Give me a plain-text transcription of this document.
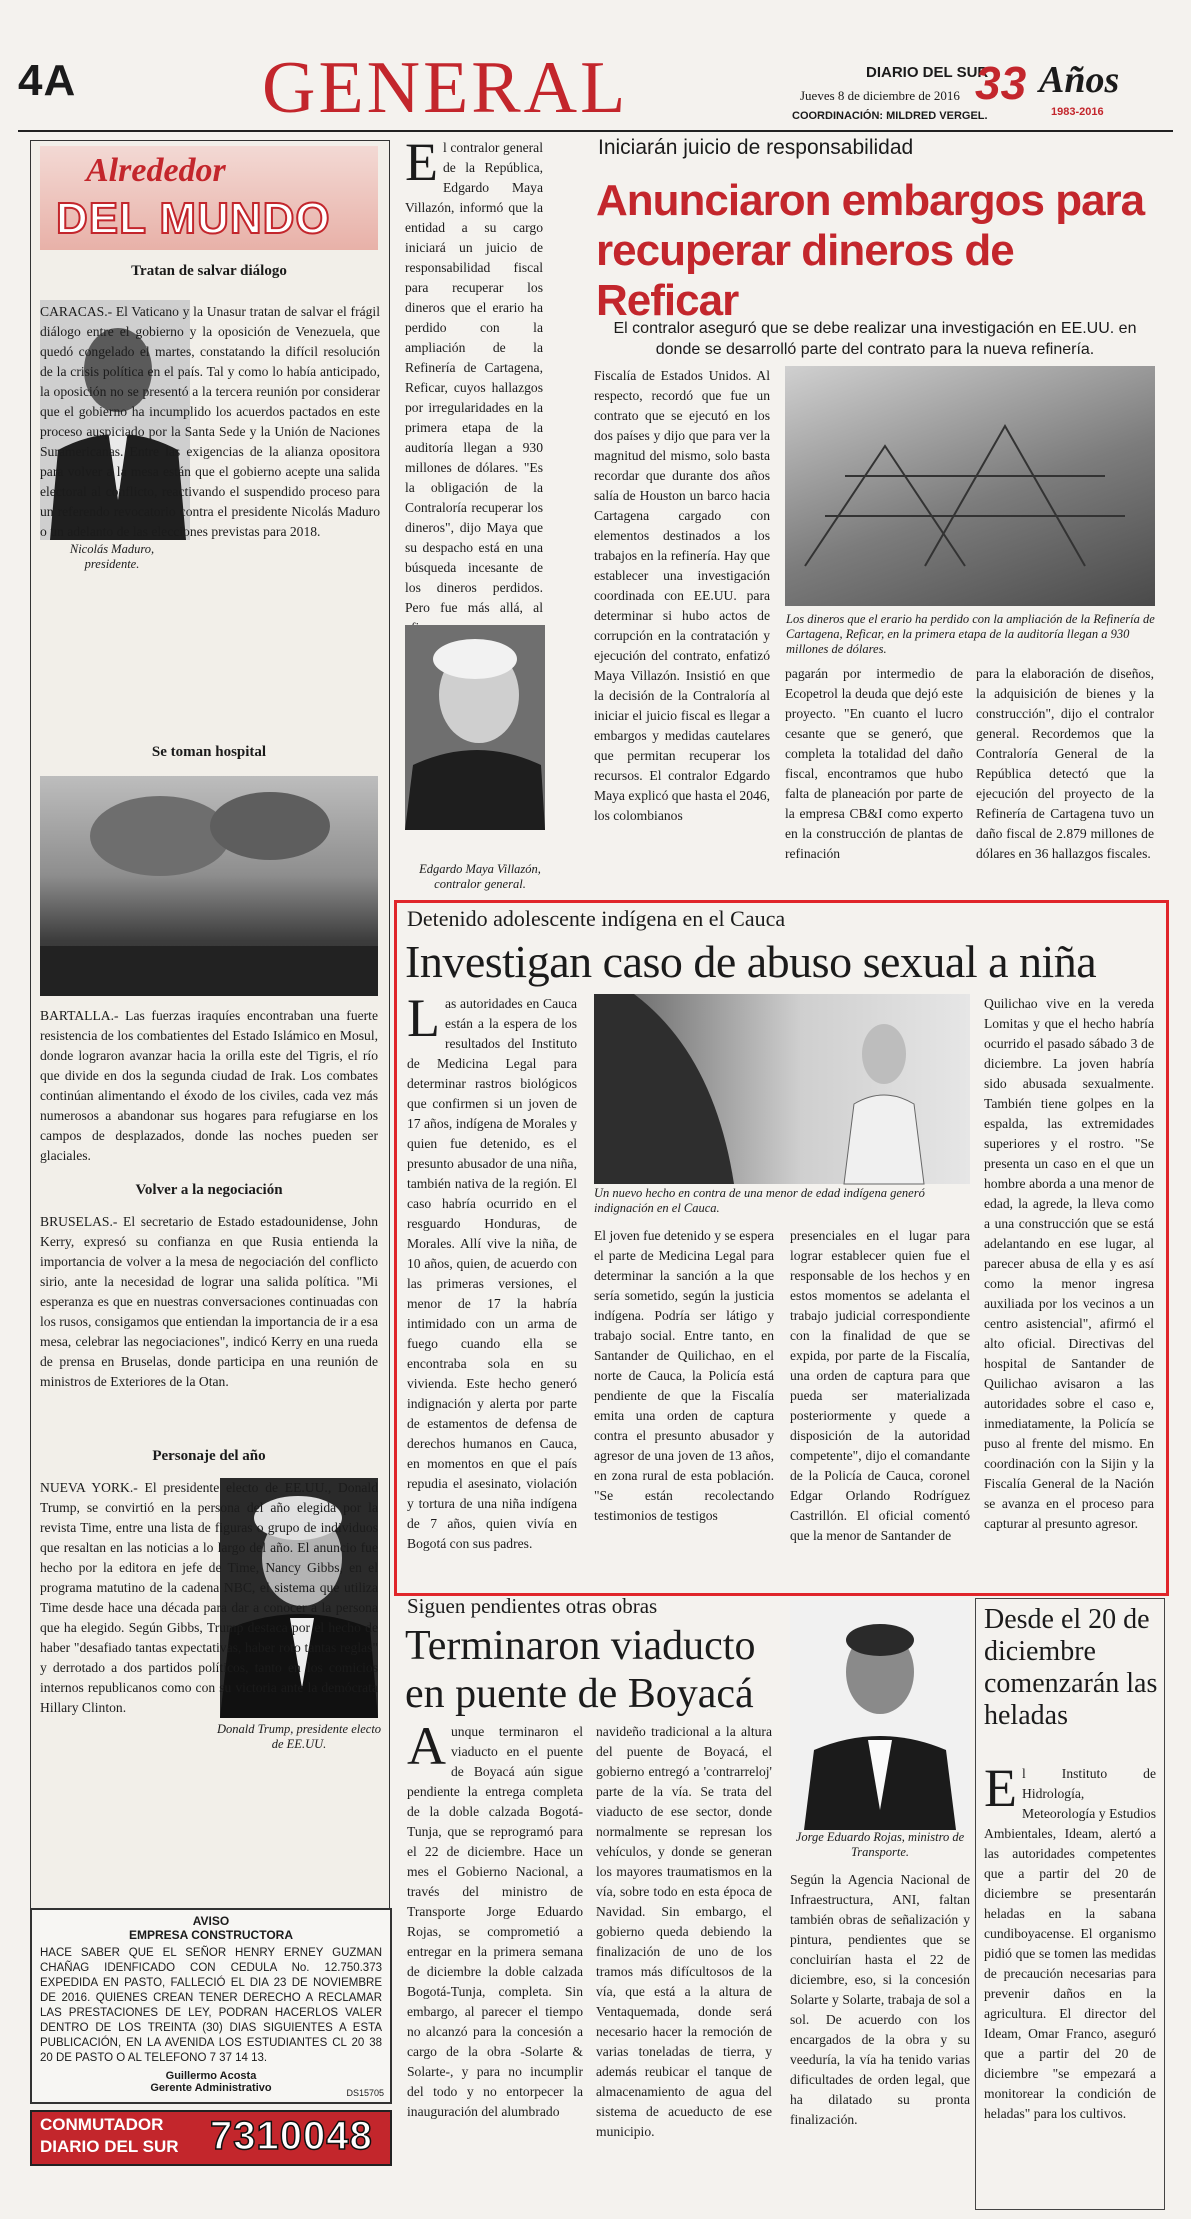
4A	GENERAL	DIARIO DEL SUR
Jueves 8 de diciembre de 2016
COORDINACIÓN: MILDRED VERGEL.
33 Años
1983-2016
Alrededor
DEL MUNDO
Tratan de salvar diálogo
Nicolás Maduro, presidente.
CARACAS.- El Vaticano y la Unasur tratan de salvar el frágil diálogo entre el gobierno y la oposición de Venezuela, que quedó congelado el martes, constatando la difícil resolución de la crisis política en el país. Tal y como lo había anticipado, la oposición no se presentó a la tercera reunión por considerar que el gobierno ha incumplido los acuerdos pactados en este proceso auspiciado por la Santa Sede y la Unión de Naciones Suramericanas. Entre las exigencias de la alianza opositora para volver a la mesa están que el gobierno acepte una salida electoral al conflicto, reactivando el suspendido proceso para un referendo revocatorio contra el presidente Nicolás Maduro o un adelanto de las elecciones previstas para 2018.
Se toman hospital
BARTALLA.- Las fuerzas iraquíes encontraban una fuerte resistencia de los combatientes del Estado Islámico en Mosul, donde lograron avanzar hacia la orilla este del Tigris, el río que divide en dos la segunda ciudad de Irak. Los combates continúan alimentando el éxodo de los civiles, cada vez más numerosos a abandonar sus hogares para refugiarse en los campos de desplazados, donde las noches pueden ser glaciales.
Volver a la negociación
BRUSELAS.- El secretario de Estado estadounidense, John Kerry, expresó su confianza en que Rusia entienda la importancia de volver a la mesa de negociación del conflicto sirio, ante la necesidad de lograr una salida política. "Mi esperanza es que en nuestras conversaciones continuadas con los rusos, consigamos que entiendan la importancia de ir a esa mesa, celebrar las negociaciones", indicó Kerry en una rueda de prensa en Bruselas, donde participa en una reunión de ministros de Exteriores de la Otan.
Personaje del año
Donald Trump, presidente electo de EE.UU.
NUEVA YORK.- El presidente electo de EE.UU., Donald Trump, se convirtió en la persona del año elegida por la revista Time, entre una lista de figuras o grupo de individuos que resaltan en las noticias a lo largo del año. El anuncio fue hecho por la editora en jefe de Time, Nancy Gibbs, en el programa matutino de la cadena NBC, el sistema que utiliza Time desde hace una década para dar a conocer a la persona que ha elegido. Según Gibbs, Trump destaca por el hecho de haber "desafiado tantas expectativas, haber roto tantas reglas" y derrotado a dos partidos políticos, tanto en los comicios internos republicanos como con su victoria ante la demócrata Hillary Clinton.
AVISO
EMPRESA CONSTRUCTORA
HACE SABER QUE EL SEÑOR HENRY ERNEY GUZMAN CHAÑAG IDENFICADO CON CEDULA No. 12.750.373 EXPEDIDA EN PASTO, FALLECIÓ EL DIA 23 DE NOVIEMBRE DE 2016. QUIENES CREAN TENER DERECHO A RECLAMAR LAS PRESTACIONES DE LEY, PODRAN HACERLOS VALER DENTRO DE LOS TREINTA (30) DIAS SIGUIENTES A ESTA PUBLICACIÓN, EN LA AVENIDA LOS ESTUDIANTES CL 20 38 20 DE PASTO O AL TELEFONO 7 37 14 13.
Guillermo Acosta
Gerente Administrativo	DS15705
CONMUTADOR
DIARIO DEL SUR 7310048
Iniciarán juicio de responsabilidad
Anunciaron embargos para recuperar dineros de Reficar
El contralor aseguró que se debe realizar una investigación en EE.UU. en donde se desarrolló parte del contrato para la nueva refinería.
El contralor general de la República, Edgardo Maya Villazón, informó que la entidad a su cargo iniciará un juicio de responsabilidad fiscal para recuperar los dineros que el erario ha perdido con la ampliación de la Refinería de Cartagena, Reficar, cuyos hallazgos por irregularidades en la primera etapa de la auditoría llegan a 930 millones de dólares. "Es la obligación de la Contraloría recuperar los dineros", dijo Maya que su despacho está en una búsqueda incesante de los dineros perdidos. Pero fue más allá, al
Edgardo Maya Villazón, contralor general.
Fiscalía de Estados Unidos. Al respecto, recordó que fue un contrato que se ejecutó en los dos países y dijo que para ver la magnitud del mismo, solo basta recordar que durante dos años salía de Houston un barco hacia Cartagena cargado con elementos destinados a los trabajos en la refinería. Hay que establecer una investigación coordinada con EE.UU. para determinar si hubo actos de corrupción en la contratación y ejecución del contrato, enfatizó Maya Villazón. Insistió en que la decisión de la Contraloría al iniciar el juicio fiscal es llegar a embargos y medidas cautelares que permitan recuperar los recursos. El contralor Edgardo Maya explicó que hasta el 2046, los colombianos
Los dineros que el erario ha perdido con la ampliación de la Refinería de Cartagena, Reficar, en la primera etapa de la auditoría llegan a 930 millones de dólares.
pagarán por intermedio de Ecopetrol la deuda que dejó este proyecto. "En cuanto el lucro cesante que se generó, que completa la totalidad del daño fiscal, encontramos que hubo falta de planeación por parte de la empresa CB&I como experto en la construcción de plantas de refinación
para la elaboración de diseños, la adquisición de bienes y la construcción", dijo el contralor general. Recordemos que la Contraloría General de la República detectó que la ejecución del proyecto de la Refinería de Cartagena tuvo un daño fiscal de 2.879 millones de dólares en 36 hallazgos fiscales.
Detenido adolescente indígena en el Cauca
Investigan caso de abuso sexual a niña
Las autoridades en Cauca están a la espera de los resultados del Instituto de Medicina Legal para determinar rastros biológicos que confirmen si un joven de 17 años, indígena de Morales y quien fue detenido, es el presunto abusador de una niña, también nativa de la región. El caso habría ocurrido en el resguardo Honduras, de Morales. Allí vive la niña, de 10 años, quien, de acuerdo con las primeras versiones, el menor de 17 la habría intimidado con un arma de fuego cuando ella se encontraba sola en su vivienda. Este hecho generó indignación y alerta por parte de estamentos de defensa de derechos humanos en Cauca, en momentos en que el país repudia el asesinato, violación y tortura de una niña indígena de 7 años, quien vivía en Bogotá con sus padres.
Un nuevo hecho en contra de una menor de edad indígena generó indignación en el Cauca.
El joven fue detenido y se espera el parte de Medicina Legal para determinar la sanción a la que sería sometido, según la justicia indígena. Podría ser látigo y trabajo social. Entre tanto, en Santander de Quilichao, en el norte de Cauca, la Policía está pendiente de que la Fiscalía emita una orden de captura contra el presunto abusador y agresor de una joven de 13 años, en zona rural de esta población. "Se están recolectando testimonios de testigos
presenciales en el lugar para lograr establecer quien fue el responsable de los hechos y en estos momentos se adelanta el trabajo judicial correspondiente con la finalidad de que se expida, por parte de la Fiscalía, una orden de captura para que pueda ser materializada posteriormente y quede a disposición de la autoridad competente", dijo el comandante de la Policía de Cauca, coronel Edgar Orlando Rodríguez Castrillón. El oficial comentó que la menor de Santander de
Quilichao vive en la vereda Lomitas y que el hecho habría ocurrido el pasado sábado 3 de diciembre. La joven habría sido abusada sexualmente. También tiene golpes en la espalda, las extremidades superiores y el rostro. "Se presenta un caso en el que un hombre aborda a una menor de edad, la agrede, la lleva como a una construcción que se está adelantando en ese lugar, al parecer abusa de ella y es así como la menor ingresa auxiliada por los vecinos a un centro asistencial", afirmó el alto oficial. Directivas del hospital de Santander de Quilichao avisaron a las autoridades sobre el caso e, inmediatamente, la Policía se puso al frente del mismo. En coordinación con la Sijin y la Fiscalía General de la Nación se avanza en el proceso para capturar al presunto agresor.
Siguen pendientes otras obras
Terminaron viaducto en puente de Boyacá
Aunque terminaron el viaducto en el puente de Boyacá aún sigue pendiente la entrega completa de la doble calzada Bogotá-Tunja, que se reprogramó para el 22 de diciembre. Hace un mes el Gobierno Nacional, a través del ministro de Transporte Jorge Eduardo Rojas, se comprometió a entregar en la primera semana de diciembre la doble calzada Bogotá-Tunja, completa. Sin embargo, al parecer el tiempo no alcanzó para la concesión a cargo de la obra -Solarte & Solarte-, y para no incumplir del todo y no entorpecer la inauguración del alumbrado
navideño tradicional a la altura del puente de Boyacá, el gobierno entregó a 'contrarreloj' parte de la vía. Se trata del viaducto de ese sector, donde normalmente se represan los vehículos, y donde se generan los mayores traumatismos en la vía, sobre todo en esta época de Navidad. Sin embargo, el gobierno queda debiendo la finalización de uno de los tramos más difícultosos de la vía, que está a la altura de Ventaquemada, donde será necesario hacer la remoción de varias toneladas de tierra, y además reubicar el tanque de almacenamiento de agua del sistema de acueducto de ese municipio.
Jorge Eduardo Rojas, ministro de Transporte.
Según la Agencia Nacional de Infraestructura, ANI, faltan también obras de señalización y pintura, pendientes que se concluirían hasta el 22 de diciembre, eso, si la concesión Solarte y Solarte, trabaja de sol a sol. De acuerdo con los encargados de la obra y su veeduría, la vía ha tenido varias dificultades de orden legal, que ha dilatado su pronta finalización.
Desde el 20 de diciembre comenzarán las heladas
El Instituto de Hidrología, Meteorología y Estudios Ambientales, Ideam, alertó a las autoridades competentes que a partir del 20 de diciembre se presentarán heladas en la sabana cundiboyacense. El organismo pidió que se tomen las medidas de precaución necesarias para prevenir daños en la agricultura. El director del Ideam, Omar Franco, aseguró que a partir del 20 de diciembre "se empezará a monitorear la condición de heladas" para los cultivos.
